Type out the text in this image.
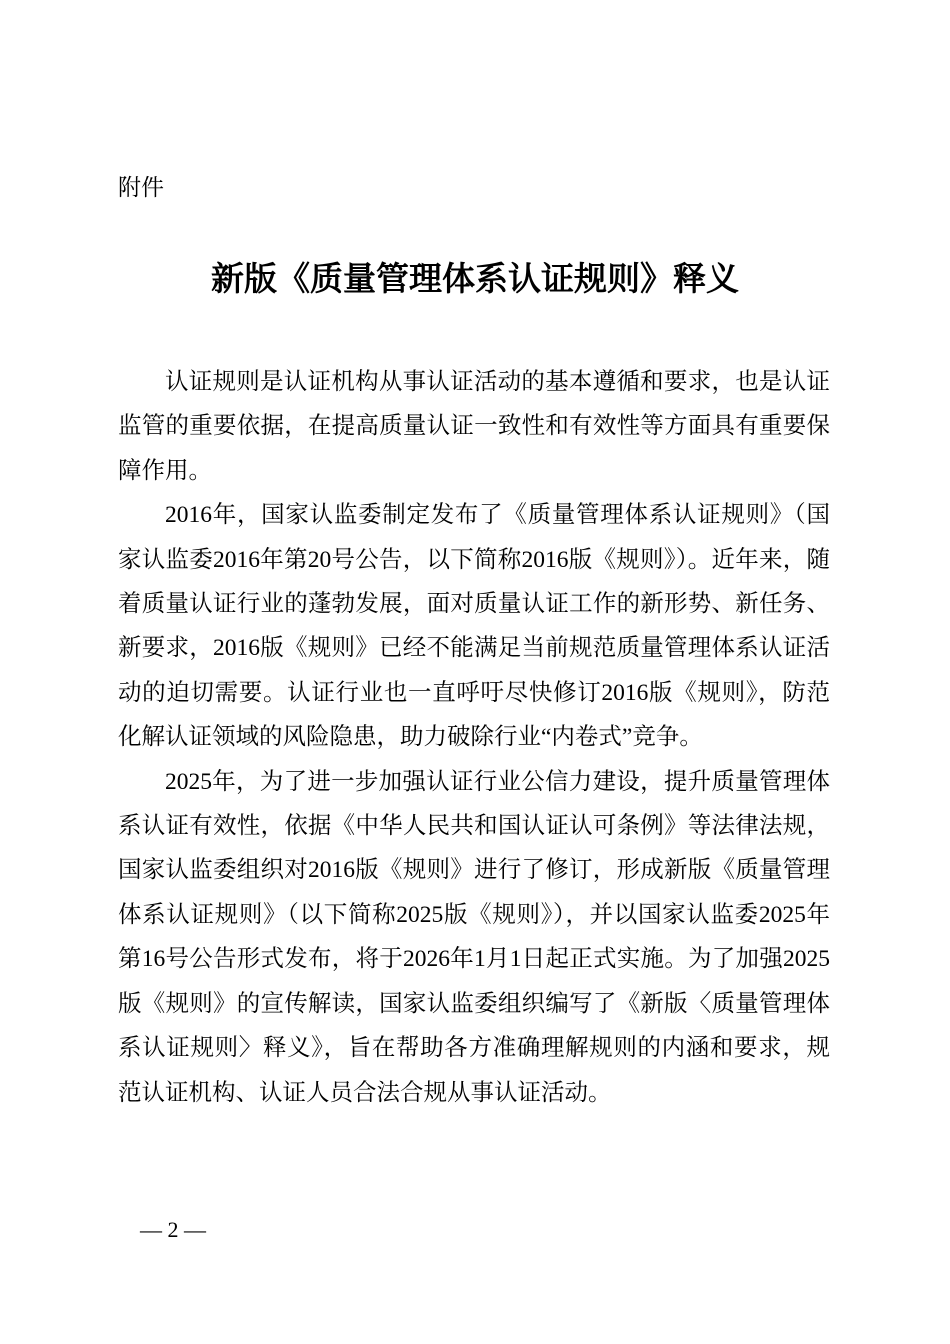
附件
新版《质量管理体系认证规则》释义

认证规则是认证机构从事认证活动的基本遵循和要求，也是认证监管的重要依据，在提高质量认证一致性和有效性等方面具有重要保障作用。

2016年，国家认监委制定发布了《质量管理体系认证规则》（国家认监委2016年第20号公告，以下简称2016版《规则》）。近年来，随着质量认证行业的蓬勃发展，面对质量认证工作的新形势、新任务、新要求，2016版《规则》已经不能满足当前规范质量管理体系认证活动的迫切需要。认证行业也一直呼吁尽快修订2016版《规则》，防范化解认证领域的风险隐患，助力破除行业“内卷式”竞争。

2025年，为了进一步加强认证行业公信力建设，提升质量管理体系认证有效性，依据《中华人民共和国认证认可条例》等法律法规，国家认监委组织对2016版《规则》进行了修订，形成新版《质量管理体系认证规则》（以下简称2025版《规则》），并以国家认监委2025年第16号公告形式发布，将于2026年1月1日起正式实施。为了加强2025版《规则》的宣传解读，国家认监委组织编写了《新版〈质量管理体系认证规则〉释义》，旨在帮助各方准确理解规则的内涵和要求，规范认证机构、认证人员合法合规从事认证活动。

— 2 —
